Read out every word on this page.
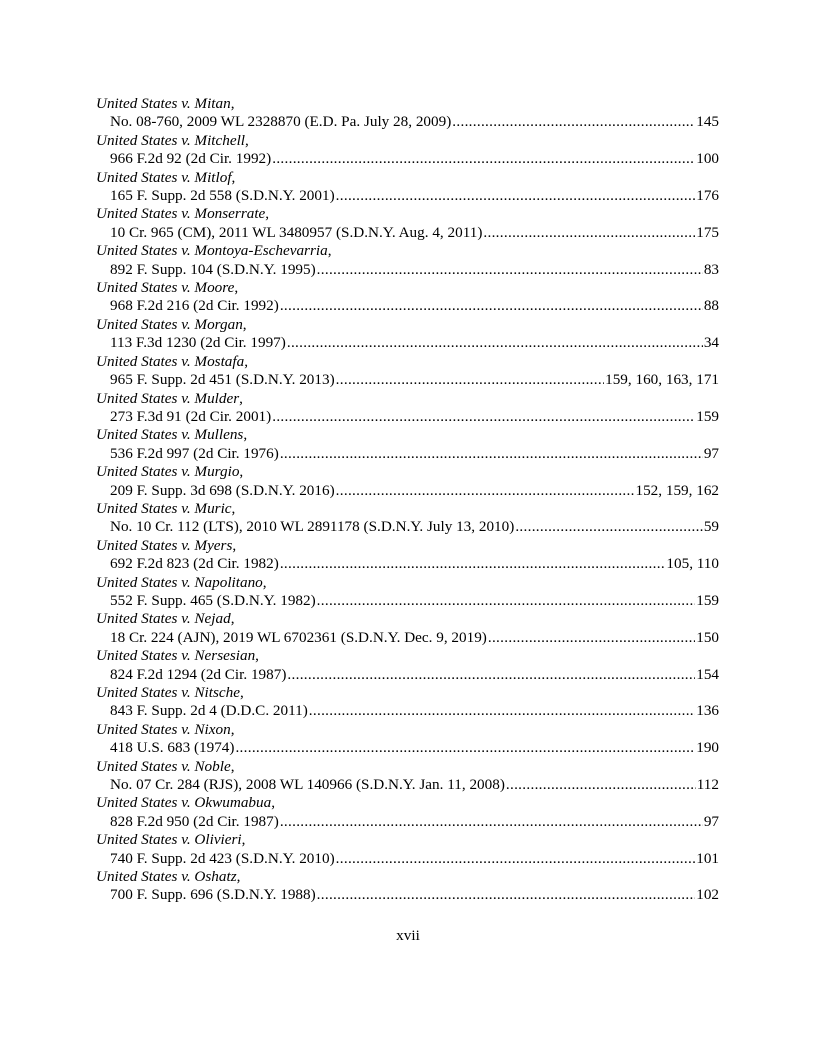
United States v. Mitan,
No. 08-760, 2009 WL 2328870 (E.D. Pa. July 28, 2009) .....	145
United States v. Mitchell,
966 F.2d 92 (2d Cir. 1992) .....	100
United States v. Mitlof,
165 F. Supp. 2d 558 (S.D.N.Y. 2001) .....	176
United States v. Monserrate,
10 Cr. 965 (CM), 2011 WL 3480957 (S.D.N.Y. Aug. 4, 2011) .....	175
United States v. Montoya-Eschevarria,
892 F. Supp. 104 (S.D.N.Y. 1995) .....	83
United States v. Moore,
968 F.2d 216 (2d Cir. 1992) .....	88
United States v. Morgan,
113 F.3d 1230 (2d Cir. 1997) .....	34
United States v. Mostafa,
965 F. Supp. 2d 451 (S.D.N.Y. 2013) .....	159, 160, 163, 171
United States v. Mulder,
273 F.3d 91 (2d Cir. 2001) .....	159
United States v. Mullens,
536 F.2d 997 (2d Cir. 1976) .....	97
United States v. Murgio,
209 F. Supp. 3d 698 (S.D.N.Y. 2016) .....	152, 159, 162
United States v. Muric,
No. 10 Cr. 112 (LTS), 2010 WL 2891178 (S.D.N.Y. July 13, 2010) .....	59
United States v. Myers,
692 F.2d 823 (2d Cir. 1982) .....	105, 110
United States v. Napolitano,
552 F. Supp. 465 (S.D.N.Y. 1982) .....	159
United States v. Nejad,
18 Cr. 224 (AJN), 2019 WL 6702361 (S.D.N.Y. Dec. 9, 2019) .....	150
United States v. Nersesian,
824 F.2d 1294 (2d Cir. 1987) .....	154
United States v. Nitsche,
843 F. Supp. 2d 4 (D.D.C. 2011) .....	136
United States v. Nixon,
418 U.S. 683 (1974) .....	190
United States v. Noble,
No. 07 Cr. 284 (RJS), 2008 WL 140966 (S.D.N.Y. Jan. 11, 2008) .....	112
United States v. Okwumabua,
828 F.2d 950 (2d Cir. 1987) .....	97
United States v. Olivieri,
740 F. Supp. 2d 423 (S.D.N.Y. 2010) .....	101
United States v. Oshatz,
700 F. Supp. 696 (S.D.N.Y. 1988) .....	102
xvii
